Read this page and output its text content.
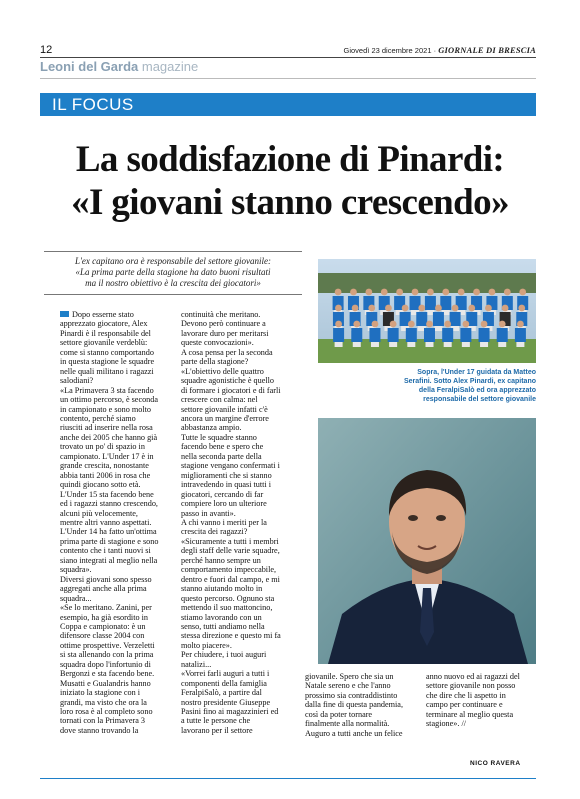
12	Giovedì 23 dicembre 2021 · GIORNALE DI BRESCIA
Leoni del Garda magazine
IL FOCUS
La soddisfazione di Pinardi:
«I giovani stanno crescendo»
L'ex capitano ora è responsabile del settore giovanile:
«La prima parte della stagione ha dato buoni risultati
ma il nostro obiettivo è la crescita dei giocatori»

Dopo esserne stato

apprezzato giocatore, Alex

Pinardi è il responsabile del

settore giovanile verdeblù:

come si stanno comportando

in questa stagione le squadre

nelle quali militano i ragazzi

salodiani?

«La Primavera 3 sta facendo

un ottimo percorso, è seconda

in campionato e sono molto

contento, perché siamo

riusciti ad inserire nella rosa

anche dei 2005 che hanno già

trovato un po' di spazio in

campionato. L'Under 17 è in

grande crescita, nonostante

abbia tanti 2006 in rosa che

quindi giocano sotto età.

L'Under 15 sta facendo bene

ed i ragazzi stanno crescendo,

alcuni più velocemente,

mentre altri vanno aspettati.

L'Under 14 ha fatto un'ottima

prima parte di stagione e sono

contento che i tanti nuovi si

siano integrati al meglio nella

squadra».

Diversi giovani sono spesso

aggregati anche alla prima

squadra...

«Se lo meritano. Zanini, per

esempio, ha già esordito in

Coppa e campionato: è un

difensore classe 2004 con

ottime prospettive. Verzeletti

si sta allenando con la prima

squadra dopo l'infortunio di

Bergonzi e sta facendo bene.

Musatti e Gualandris hanno

iniziato la stagione con i

grandi, ma visto che ora la

loro rosa è al completo sono

tornati con la Primavera 3

dove stanno trovando la

continuità che meritano.

Devono però continuare a

lavorare duro per meritarsi

queste convocazioni».

A cosa pensa per la seconda

parte della stagione?

«L'obiettivo delle quattro

squadre agonistiche è quello

di formare i giocatori e di farli

crescere con calma: nel

settore giovanile infatti c'è

ancora un margine d'errore

abbastanza ampio.

Tutte le squadre stanno

facendo bene e spero che

nella seconda parte della

stagione vengano confermati i

miglioramenti che si stanno

intravedendo in quasi tutti i

giocatori, cercando di far

compiere loro un ulteriore

passo in avanti».

A chi vanno i meriti per la

crescita dei ragazzi?

«Sicuramente a tutti i membri

degli staff delle varie squadre,

perché hanno sempre un

comportamento impeccabile,

dentro e fuori dal campo, e mi

stanno aiutando molto in

questo percorso. Ognuno sta

mettendo il suo mattoncino,

stiamo lavorando con un

senso, tutti andiamo nella

stessa direzione e questo mi fa

molto piacere».

Per chiudere, i tuoi auguri

natalizi...

«Vorrei farli auguri a tutti i

componenti della famiglia

FeralpiSalò, a partire dal

nostro presidente Giuseppe

Pasini fino ai magazzinieri ed

a tutte le persone che

lavorano per il settore

Sopra, l'Under 17 guidata da Matteo
Serafini. Sotto Alex Pinardi, ex capitano
della FeralpiSalò ed ora apprezzato
responsabile del settore giovanile

giovanile. Spero che sia un

Natale sereno e che l'anno

prossimo sia contraddistinto

dalla fine di questa pandemia,

così da poter tornare

finalmente alla normalità.

Auguro a tutti anche un felice

anno nuovo ed ai ragazzi del

settore giovanile non posso

che dire che li aspetto in

campo per continuare e

terminare al meglio questa

stagione». //

NICO RAVERA
